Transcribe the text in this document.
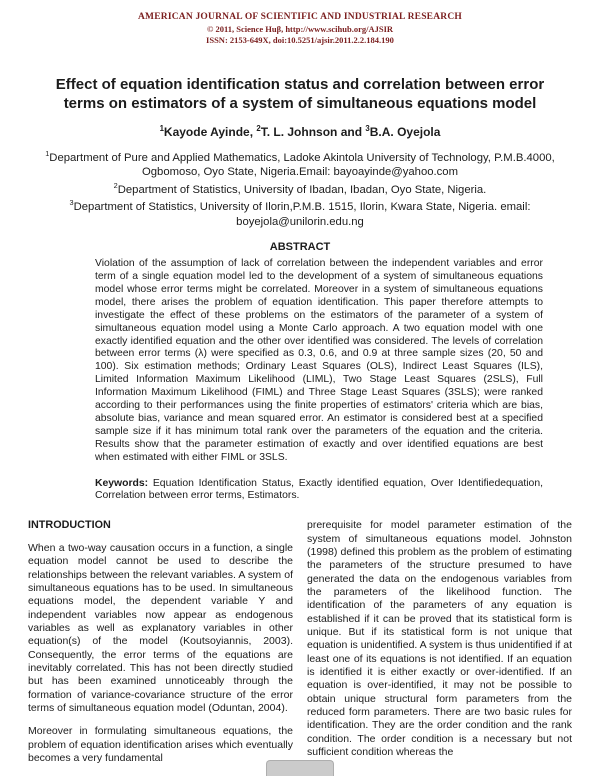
AMERICAN JOURNAL OF SCIENTIFIC AND INDUSTRIAL RESEARCH
© 2011, Science Huβ, http://www.scihub.org/AJSIR
ISSN: 2153-649X, doi:10.5251/ajsir.2011.2.2.184.190
Effect of equation identification status and correlation between error terms on estimators of a system of simultaneous equations model

$^1$Kayode Ayinde, $^2$T. L. Johnson and $^3$B.A. Oyejola

$^1$Department of Pure and Applied Mathematics, Ladoke Akintola University of Technology, P.M.B.4000, Ogbomoso, Oyo State, Nigeria.Email: bayoayinde@yahoo.com

$^2$Department of Statistics, University of Ibadan, Ibadan, Oyo State, Nigeria.

$^3$Department of Statistics, University of Ilorin,P.M.B. 1515, Ilorin, Kwara State, Nigeria. email: boyejola@unilorin.edu.ng

ABSTRACT

Violation of the assumption of lack of correlation between the independent variables and error term of a single equation model led to the development of a system of simultaneous equations model whose error terms might be correlated. Moreover in a system of simultaneous equations model, there arises the problem of equation identification. This paper therefore attempts to investigate the effect of these problems on the estimators of the parameter of a system of simultaneous equation model using a Monte Carlo approach. A two equation model with one exactly identified equation and the other over identified was considered. The levels of correlation between error terms (λ) were specified as 0.3, 0.6, and 0.9 at three sample sizes (20, 50 and 100). Six estimation methods; Ordinary Least Squares (OLS), Indirect Least Squares (ILS), Limited Information Maximum Likelihood (LIML), Two Stage Least Squares (2SLS), Full Information Maximum Likelihood (FIML) and Three Stage Least Squares (3SLS); were ranked according to their performances using the finite properties of estimators' criteria which are bias, absolute bias, variance and mean squared error. An estimator is considered best at a specified sample size if it has minimum total rank over the parameters of the equation and the criteria. Results show that the parameter estimation of exactly and over identified equations are best when estimated with either FIML or 3SLS.

Keywords: Equation Identification Status, Exactly identified equation, Over Identifiedequation, Correlation between error terms, Estimators.

INTRODUCTION

When a two-way causation occurs in a function, a single equation model cannot be used to describe the relationships between the relevant variables. A system of simultaneous equations has to be used. In simultaneous equations model, the dependent variable Y and independent variables now appear as endogenous variables as well as explanatory variables in other equation(s) of the model (Koutsoyiannis, 2003). Consequently, the error terms of the equations are inevitably correlated. This has not been directly studied but has been examined unnoticeably through the formation of variance-covariance structure of the error terms of simultaneous equation model (Oduntan, 2004).

Moreover in formulating simultaneous equations, the problem of equation identification arises which eventually becomes a very fundamental

prerequisite for model parameter estimation of the system of simultaneous equations model. Johnston (1998) defined this problem as the problem of estimating the parameters of the structure presumed to have generated the data on the endogenous variables from the parameters of the likelihood function. The identification of the parameters of any equation is established if it can be proved that its statistical form is unique. But if its statistical form is not unique that equation is unidentified. A system is thus unidentified if at least one of its equations is not identified. If an equation is identified it is either exactly or over-identified. If an equation is over-identified, it may not be possible to obtain unique structural form parameters from the reduced form parameters. There are two basic rules for identification. They are the order condition and the rank condition. The order condition is a necessary but not sufficient condition whereas the
